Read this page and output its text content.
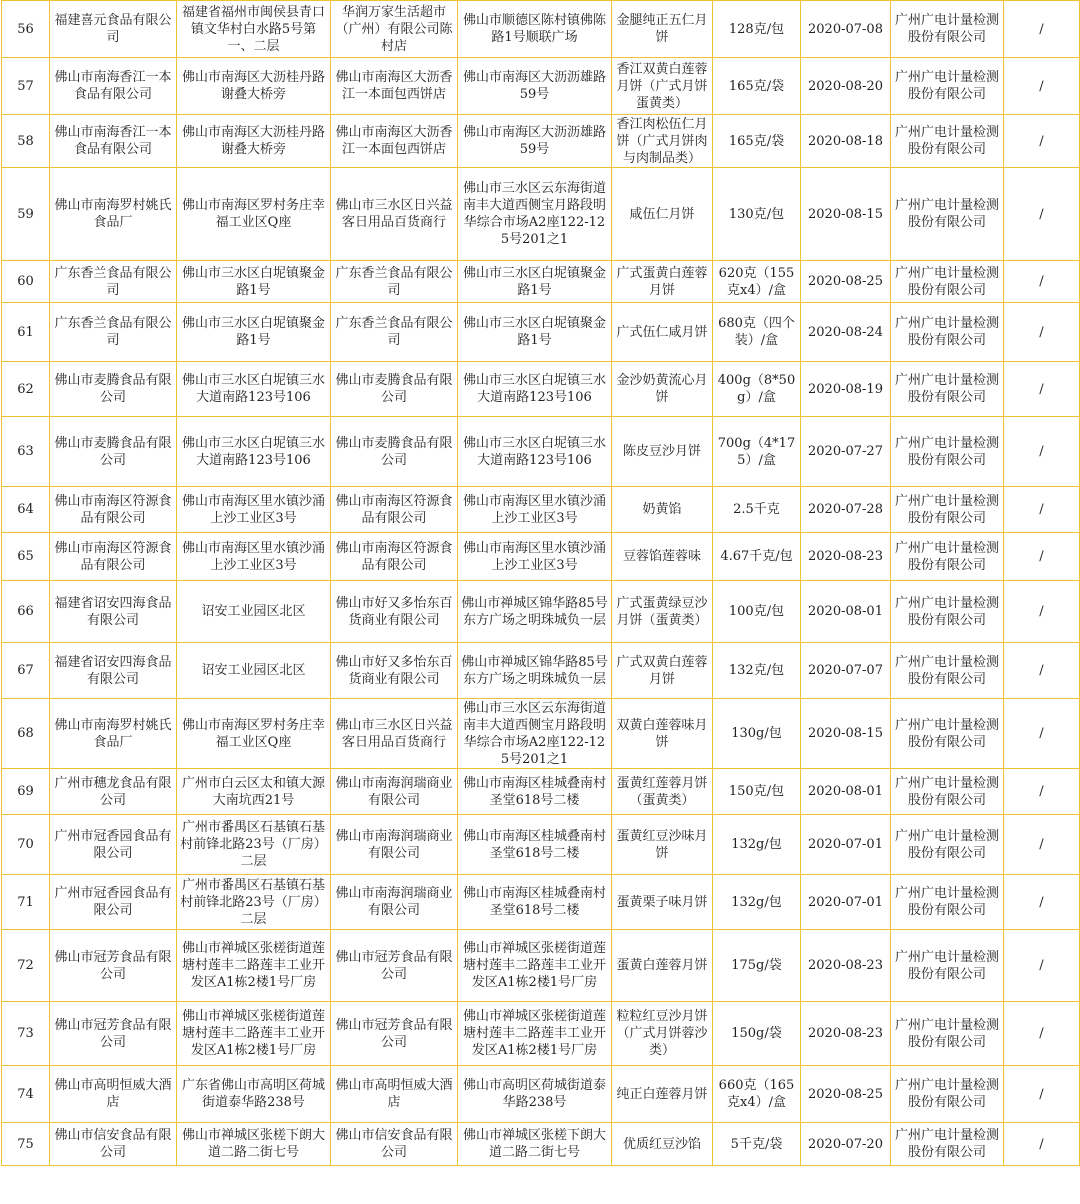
56	福建喜元食品有限公司	福建省福州市闽侯县青口镇文华村白水路5号第一、二层	华润万家生活超市（广州）有限公司陈村店	佛山市顺德区陈村镇佛陈路1号顺联广场	金腿纯正五仁月饼	128克/包	2020-07-08	广州广电计量检测股份有限公司	/
57	佛山市南海香江一本食品有限公司	佛山市南海区大沥桂丹路谢叠大桥旁	佛山市南海区大沥香江一本面包西饼店	佛山市南海区大沥沥雄路59号	香江双黄白莲蓉月饼（广式月饼蛋黄类）	165克/袋	2020-08-20	广州广电计量检测股份有限公司	/
58	佛山市南海香江一本食品有限公司	佛山市南海区大沥桂丹路谢叠大桥旁	佛山市南海区大沥香江一本面包西饼店	佛山市南海区大沥沥雄路59号	香江肉松伍仁月饼（广式月饼肉与肉制品类）	165克/袋	2020-08-18	广州广电计量检测股份有限公司	/
59	佛山市南海罗村姚氏食品厂	佛山市南海区罗村务庄幸福工业区Q座	佛山市三水区日兴益客日用品百货商行	佛山市三水区云东海街道南丰大道西侧宝月路段明华综合市场A2座122-125号201之1	咸伍仁月饼	130克/包	2020-08-15	广州广电计量检测股份有限公司	/
60	广东香兰食品有限公司	佛山市三水区白坭镇聚金路1号	广东香兰食品有限公司	佛山市三水区白坭镇聚金路1号	广式蛋黄白莲蓉月饼	620克（155克x4）/盒	2020-08-25	广州广电计量检测股份有限公司	/
61	广东香兰食品有限公司	佛山市三水区白坭镇聚金路1号	广东香兰食品有限公司	佛山市三水区白坭镇聚金路1号	广式伍仁咸月饼	680克（四个装）/盒	2020-08-24	广州广电计量检测股份有限公司	/
62	佛山市麦腾食品有限公司	佛山市三水区白坭镇三水大道南路123号106	佛山市麦腾食品有限公司	佛山市三水区白坭镇三水大道南路123号106	金沙奶黄流心月饼	400g（8*50g）/盒	2020-08-19	广州广电计量检测股份有限公司	/
63	佛山市麦腾食品有限公司	佛山市三水区白坭镇三水大道南路123号106	佛山市麦腾食品有限公司	佛山市三水区白坭镇三水大道南路123号106	陈皮豆沙月饼	700g（4*175）/盒	2020-07-27	广州广电计量检测股份有限公司	/
64	佛山市南海区符源食品有限公司	佛山市南海区里水镇沙涌上沙工业区3号	佛山市南海区符源食品有限公司	佛山市南海区里水镇沙涌上沙工业区3号	奶黄馅	2.5千克	2020-07-28	广州广电计量检测股份有限公司	/
65	佛山市南海区符源食品有限公司	佛山市南海区里水镇沙涌上沙工业区3号	佛山市南海区符源食品有限公司	佛山市南海区里水镇沙涌上沙工业区3号	豆蓉馅莲蓉味	4.67千克/包	2020-08-23	广州广电计量检测股份有限公司	/
66	福建省诏安四海食品有限公司	诏安工业园区北区	佛山市好又多怡东百货商业有限公司	佛山市禅城区锦华路85号东方广场之明珠城负一层	广式蛋黄绿豆沙月饼（蛋黄类）	100克/包	2020-08-01	广州广电计量检测股份有限公司	/
67	福建省诏安四海食品有限公司	诏安工业园区北区	佛山市好又多怡东百货商业有限公司	佛山市禅城区锦华路85号东方广场之明珠城负一层	广式双黄白莲蓉月饼	132克/包	2020-07-07	广州广电计量检测股份有限公司	/
68	佛山市南海罗村姚氏食品厂	佛山市南海区罗村务庄幸福工业区Q座	佛山市三水区日兴益客日用品百货商行	佛山市三水区云东海街道南丰大道西侧宝月路段明华综合市场A2座122-125号201之1	双黄白莲蓉味月饼	130g/包	2020-08-15	广州广电计量检测股份有限公司	/
69	广州市穗龙食品有限公司	广州市白云区太和镇大源大南坑西21号	佛山市南海润瑞商业有限公司	佛山市南海区桂城叠南村圣堂618号二楼	蛋黄红莲蓉月饼（蛋黄类）	150克/包	2020-08-01	广州广电计量检测股份有限公司	/
70	广州市冠香园食品有限公司	广州市番禺区石基镇石基村前锋北路23号（厂房）二层	佛山市南海润瑞商业有限公司	佛山市南海区桂城叠南村圣堂618号二楼	蛋黄红豆沙味月饼	132g/包	2020-07-01	广州广电计量检测股份有限公司	/
71	广州市冠香园食品有限公司	广州市番禺区石基镇石基村前锋北路23号（厂房）二层	佛山市南海润瑞商业有限公司	佛山市南海区桂城叠南村圣堂618号二楼	蛋黄栗子味月饼	132g/包	2020-07-01	广州广电计量检测股份有限公司	/
72	佛山市冠芳食品有限公司	佛山市禅城区张槎街道莲塘村莲丰二路莲丰工业开发区A1栋2楼1号厂房	佛山市冠芳食品有限公司	佛山市禅城区张槎街道莲塘村莲丰二路莲丰工业开发区A1栋2楼1号厂房	蛋黄白莲蓉月饼	175g/袋	2020-08-23	广州广电计量检测股份有限公司	/
73	佛山市冠芳食品有限公司	佛山市禅城区张槎街道莲塘村莲丰二路莲丰工业开发区A1栋2楼1号厂房	佛山市冠芳食品有限公司	佛山市禅城区张槎街道莲塘村莲丰二路莲丰工业开发区A1栋2楼1号厂房	粒粒红豆沙月饼（广式月饼蓉沙类）	150g/袋	2020-08-23	广州广电计量检测股份有限公司	/
74	佛山市高明恒威大酒店	广东省佛山市高明区荷城街道泰华路238号	佛山市高明恒威大酒店	佛山市高明区荷城街道泰华路238号	纯正白莲蓉月饼	660克（165克x4）/盒	2020-08-25	广州广电计量检测股份有限公司	/
75	佛山市信安食品有限公司	佛山市禅城区张槎下朗大道二路二街七号	佛山市信安食品有限公司	佛山市禅城区张槎下朗大道二路二街七号	优质红豆沙馅	5千克/袋	2020-07-20	广州广电计量检测股份有限公司	/
